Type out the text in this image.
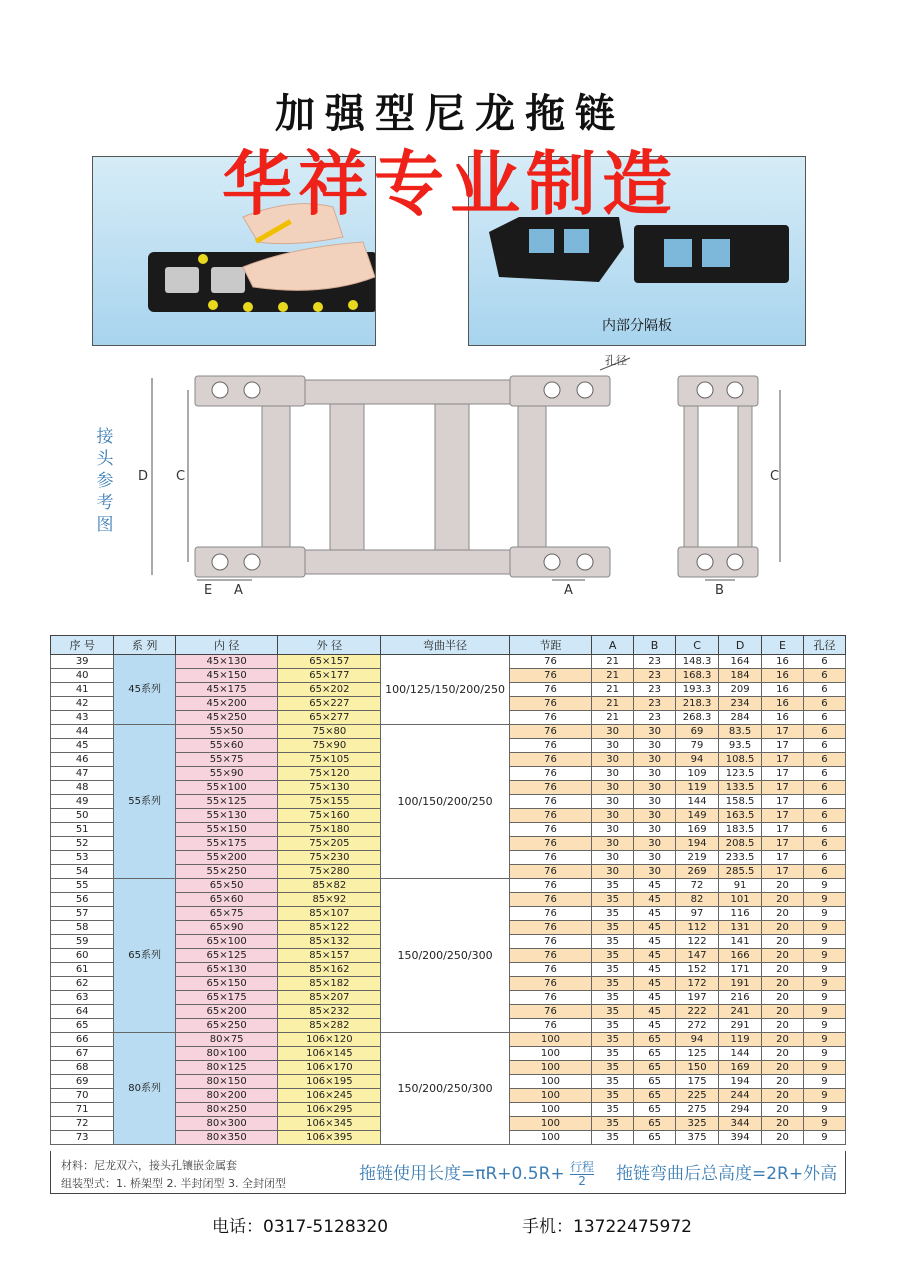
加强型尼龙拖链
华祥专业制造
内部分隔板
接头参考图
D C
E A	A	B
C
孔径
序 号	系 列	内 径	外 径	弯曲半径	节距	A	B	C	D	E	孔径
39	45系列	45×130	65×157	100/125/150/200/250	76	21	23	148.3	164	16	6
40		45×150	65×177		76	21	23	168.3	184	16	6
41		45×175	65×202		76	21	23	193.3	209	16	6
42		45×200	65×227		76	21	23	218.3	234	16	6
43		45×250	65×277		76	21	23	268.3	284	16	6
44	55系列	55×50	75×80	100/150/200/250	76	30	30	69	83.5	17	6
45		55×60	75×90		76	30	30	79	93.5	17	6
46		55×75	75×105		76	30	30	94	108.5	17	6
47		55×90	75×120		76	30	30	109	123.5	17	6
48		55×100	75×130		76	30	30	119	133.5	17	6
49		55×125	75×155		76	30	30	144	158.5	17	6
50		55×130	75×160		76	30	30	149	163.5	17	6
51		55×150	75×180		76	30	30	169	183.5	17	6
52		55×175	75×205		76	30	30	194	208.5	17	6
53		55×200	75×230		76	30	30	219	233.5	17	6
54		55×250	75×280		76	30	30	269	285.5	17	6
55	65系列	65×50	85×82	150/200/250/300	76	35	45	72	91	20	9
56		65×60	85×92		76	35	45	82	101	20	9
57		65×75	85×107		76	35	45	97	116	20	9
58		65×90	85×122		76	35	45	112	131	20	9
59		65×100	85×132		76	35	45	122	141	20	9
60		65×125	85×157		76	35	45	147	166	20	9
61		65×130	85×162		76	35	45	152	171	20	9
62		65×150	85×182		76	35	45	172	191	20	9
63		65×175	85×207		76	35	45	197	216	20	9
64		65×200	85×232		76	35	45	222	241	20	9
65		65×250	85×282		76	35	45	272	291	20	9
66	80系列	80×75	106×120	150/200/250/300	100	35	65	94	119	20	9
67		80×100	106×145		100	35	65	125	144	20	9
68		80×125	106×170		100	35	65	150	169	20	9
69		80×150	106×195		100	35	65	175	194	20	9
70		80×200	106×245		100	35	65	225	244	20	9
71		80×250	106×295		100	35	65	275	294	20	9
72		80×300	106×345		100	35	65	325	344	20	9
73		80×350	106×395		100	35	65	375	394	20	9
材料：尼龙双六，接头孔镶嵌金属套
组装型式：1. 桥架型 2. 半封闭型 3. 全封闭型	拖链使用长度=πR+0.5R+ 行程
2	拖链弯曲后总高度=2R+外高
电话：0317-5128320	手机：13722475972
